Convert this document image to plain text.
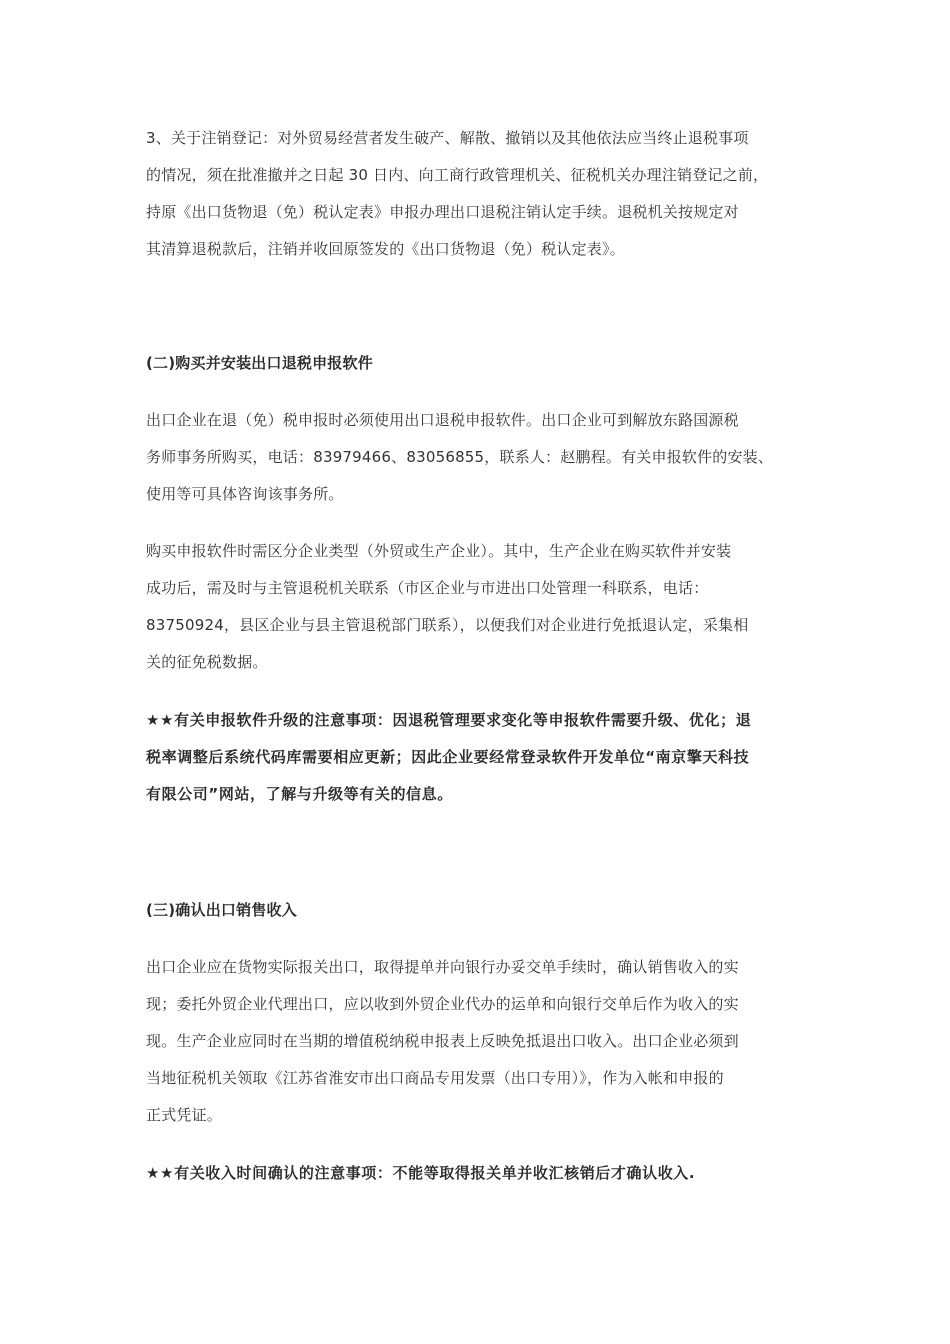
3、关于注销登记：对外贸易经营者发生破产、解散、撤销以及其他依法应当终止退税事项
的情况，须在批准撤并之日起 30 日内、向工商行政管理机关、征税机关办理注销登记之前，
持原《出口货物退（免）税认定表》申报办理出口退税注销认定手续。退税机关按规定对
其清算退税款后，注销并收回原签发的《出口货物退（免）税认定表》。
(二)购买并安装出口退税申报软件
出口企业在退（免）税申报时必须使用出口退税申报软件。出口企业可到解放东路国源税
务师事务所购买，电话：83979466、83056855，联系人：赵鹏程。有关申报软件的安装、
使用等可具体咨询该事务所。
购买申报软件时需区分企业类型（外贸或生产企业）。其中，生产企业在购买软件并安装
成功后，需及时与主管退税机关联系（市区企业与市进出口处管理一科联系，电话：
83750924，县区企业与县主管退税部门联系），以便我们对企业进行免抵退认定，采集相
关的征免税数据。
★★有关申报软件升级的注意事项：因退税管理要求变化等申报软件需要升级、优化；退
税率调整后系统代码库需要相应更新；因此企业要经常登录软件开发单位“南京擎天科技
有限公司”网站，了解与升级等有关的信息。
(三)确认出口销售收入
出口企业应在货物实际报关出口，取得提单并向银行办妥交单手续时，确认销售收入的实
现；委托外贸企业代理出口，应以收到外贸企业代办的运单和向银行交单后作为收入的实
现。生产企业应同时在当期的增值税纳税申报表上反映免抵退出口收入。出口企业必须到
当地征税机关领取《江苏省淮安市出口商品专用发票（出口专用）》，作为入帐和申报的
正式凭证。
★★有关收入时间确认的注意事项：不能等取得报关单并收汇核销后才确认收入.
